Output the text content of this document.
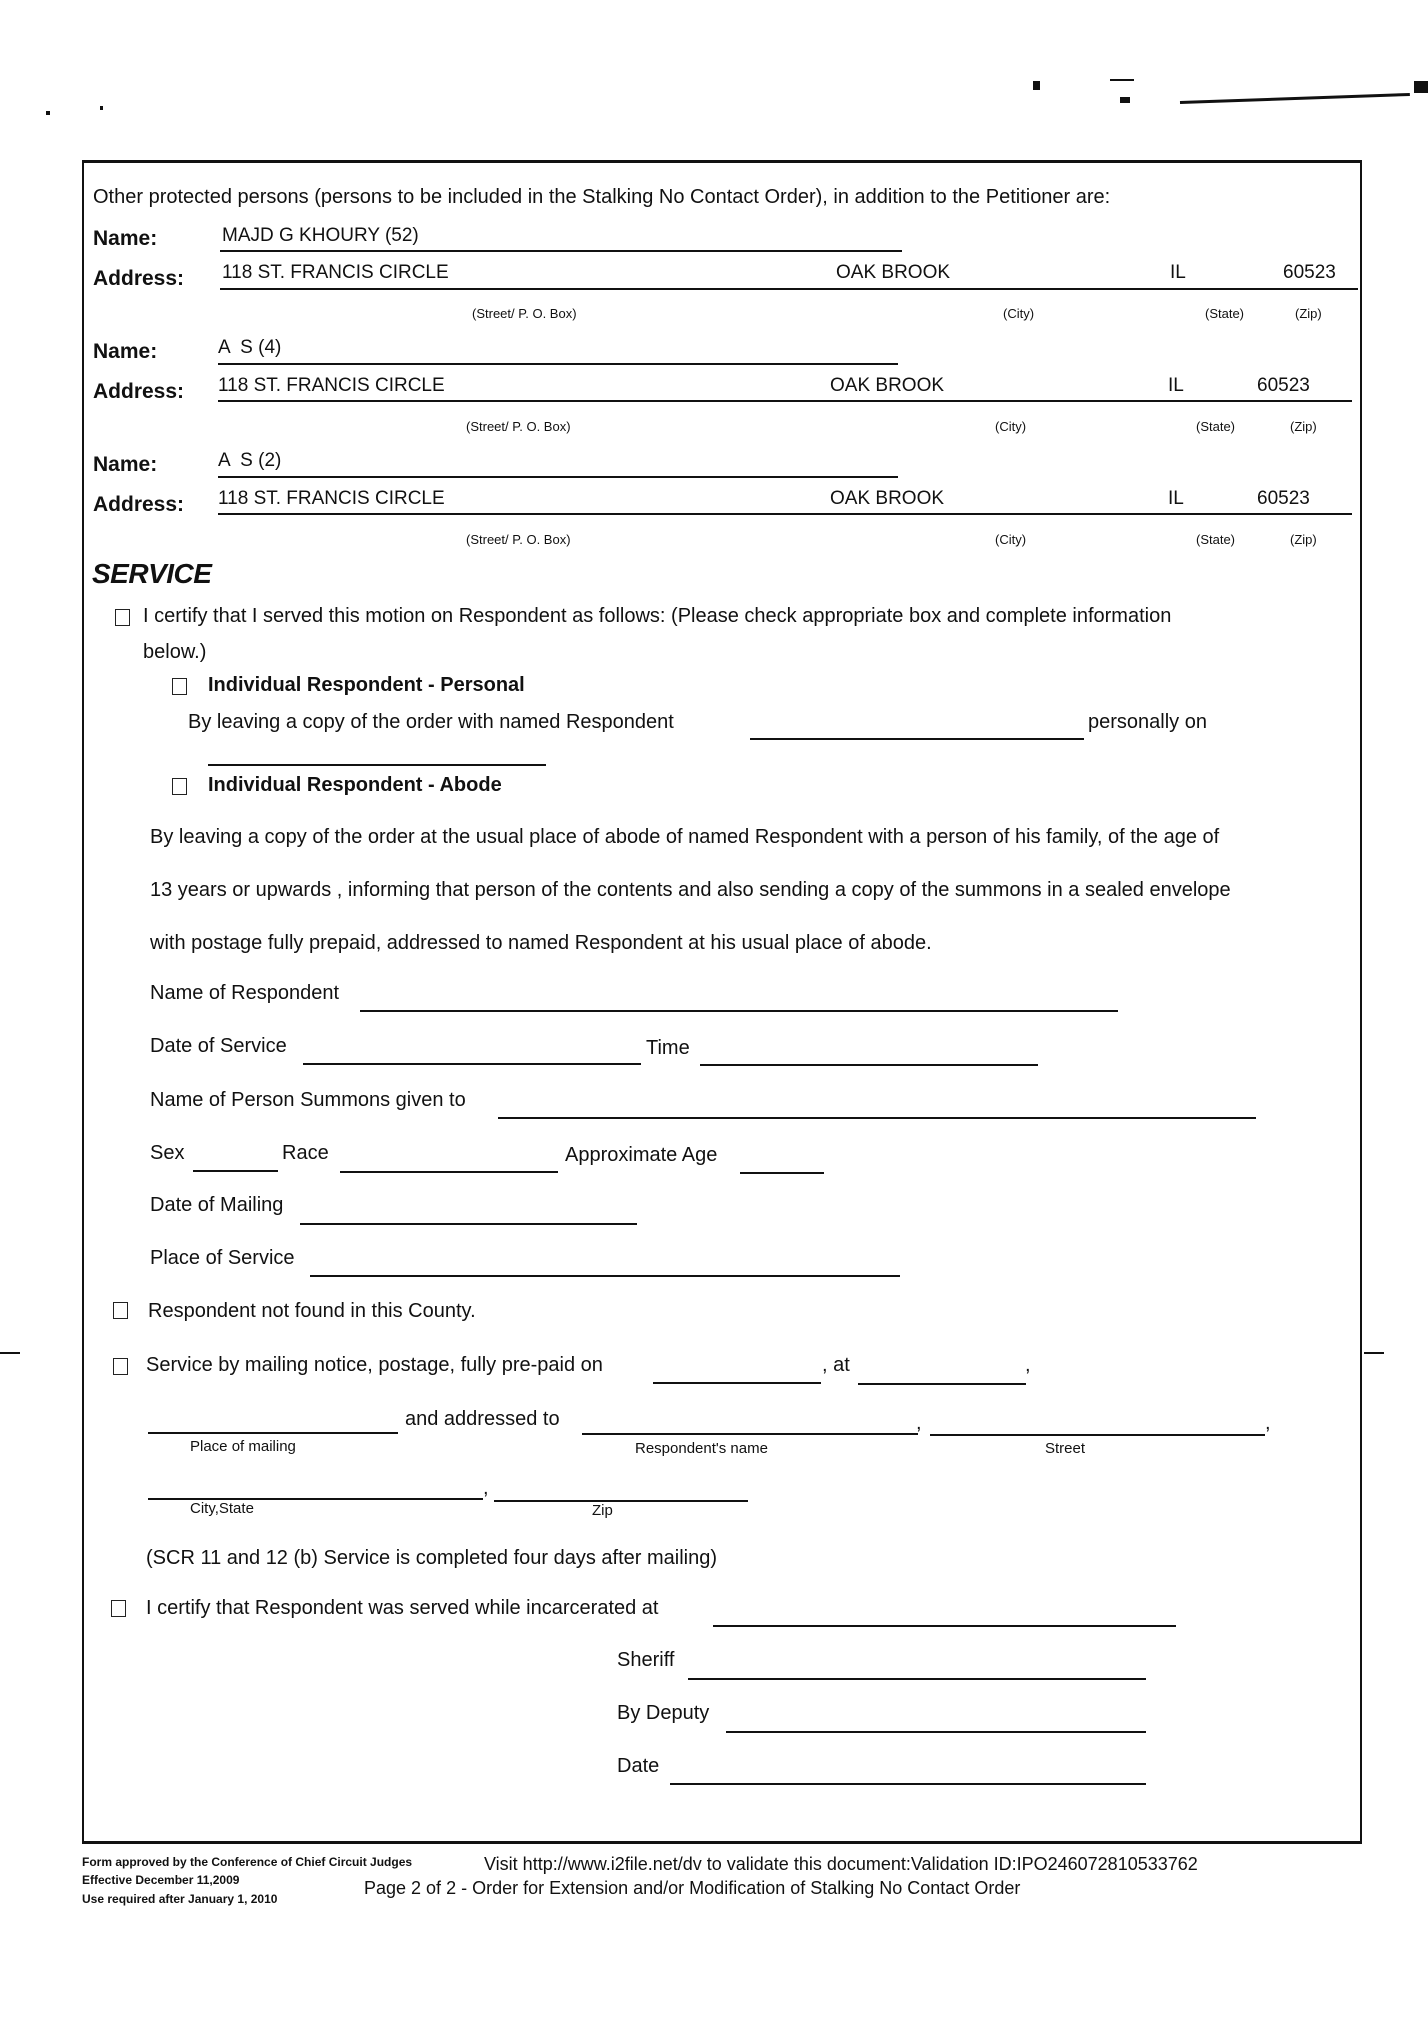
Other protected persons (persons to be included in the Stalking No Contact Order), in addition to the Petitioner are:
Name:	MAJD G KHOURY (52)
Address: 118 ST. FRANCIS CIRCLE	OAK BROOK	IL	60523
(Street/ P. O. Box)	(City)	(State)	(Zip)
Name:	A  S (4)
Address: 118 ST. FRANCIS CIRCLE	OAK BROOK	IL	60523
(Street/ P. O. Box)	(City)	(State)	(Zip)
Name:	A  S (2)
Address: 118 ST. FRANCIS CIRCLE	OAK BROOK	IL	60523
(Street/ P. O. Box)	(City)	(State)	(Zip)
SERVICE
I certify that I served this motion on Respondent as follows: (Please check appropriate box and complete information
below.)
Individual Respondent - Personal
By leaving a copy of the order with named Respondent	personally on
Individual Respondent - Abode
By leaving a copy of the order at the usual place of abode of named Respondent with a person of his family, of the age of
13 years or upwards , informing that person of the contents and also sending a copy of the summons in a sealed envelope
with postage fully prepaid, addressed to named Respondent at his usual place of abode.
Name of Respondent
Date of Service	Time
Name of Person Summons given to
Sex	Race	Approximate Age
Date of Mailing
Place of Service
Respondent not found in this County.
Service by mailing notice, postage, fully pre-paid on	, at	,
and addressed to	,	,
Place of mailing	Respondent's name	Street
,
City,State	Zip
(SCR 11 and 12 (b) Service is completed four days after mailing)
I certify that Respondent was served while incarcerated at
Sheriff
By Deputy
Date
Form approved by the Conference of Chief Circuit Judges
Effective December 11,2009
Use required after January 1, 2010
Visit http://www.i2file.net/dv to validate this document:Validation ID:IPO246072810533762
Page 2 of 2 - Order for Extension and/or Modification of Stalking No Contact Order
